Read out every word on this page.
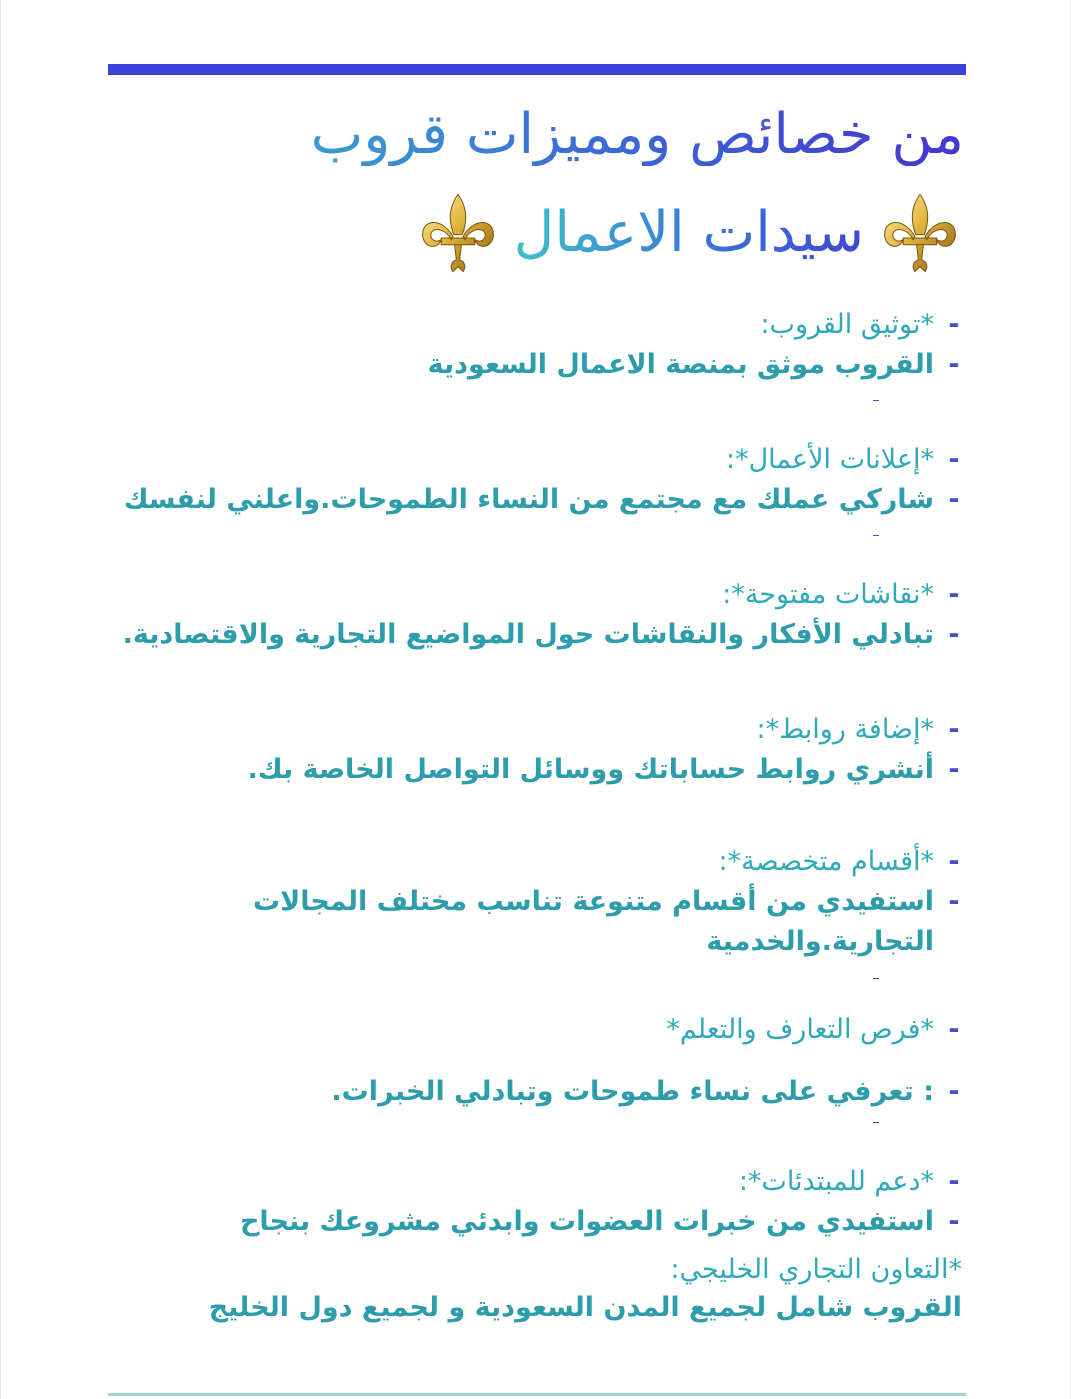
من خصائص ومميزات قروب
سيدات الاعمال
-
*توثيق القروب:
-
القروب موثق بمنصة الاعمال السعودية
-
*إعلانات الأعمال*:
-
شاركي عملك مع مجتمع من النساء الطموحات.واعلني لنفسك
-
*نقاشات مفتوحة*:
-
تبادلي الأفكار والنقاشات حول المواضيع التجارية والاقتصادية.
-
*إضافة روابط*:
-
أنشري روابط حساباتك ووسائل التواصل الخاصة بك.
-
*أقسام متخصصة*:
-
استفيدي من أقسام متنوعة تناسب مختلف المجالات
التجارية.والخدمية
-
*فرص التعارف والتعلم*
-
: تعرفي على نساء طموحات وتبادلي الخبرات.
-
*دعم للمبتدئات*:
-
استفيدي من خبرات العضوات وابدئي مشروعك بنجاح
*التعاون التجاري الخليجي:
القروب شامل لجميع المدن السعودية و لجميع دول الخليج
